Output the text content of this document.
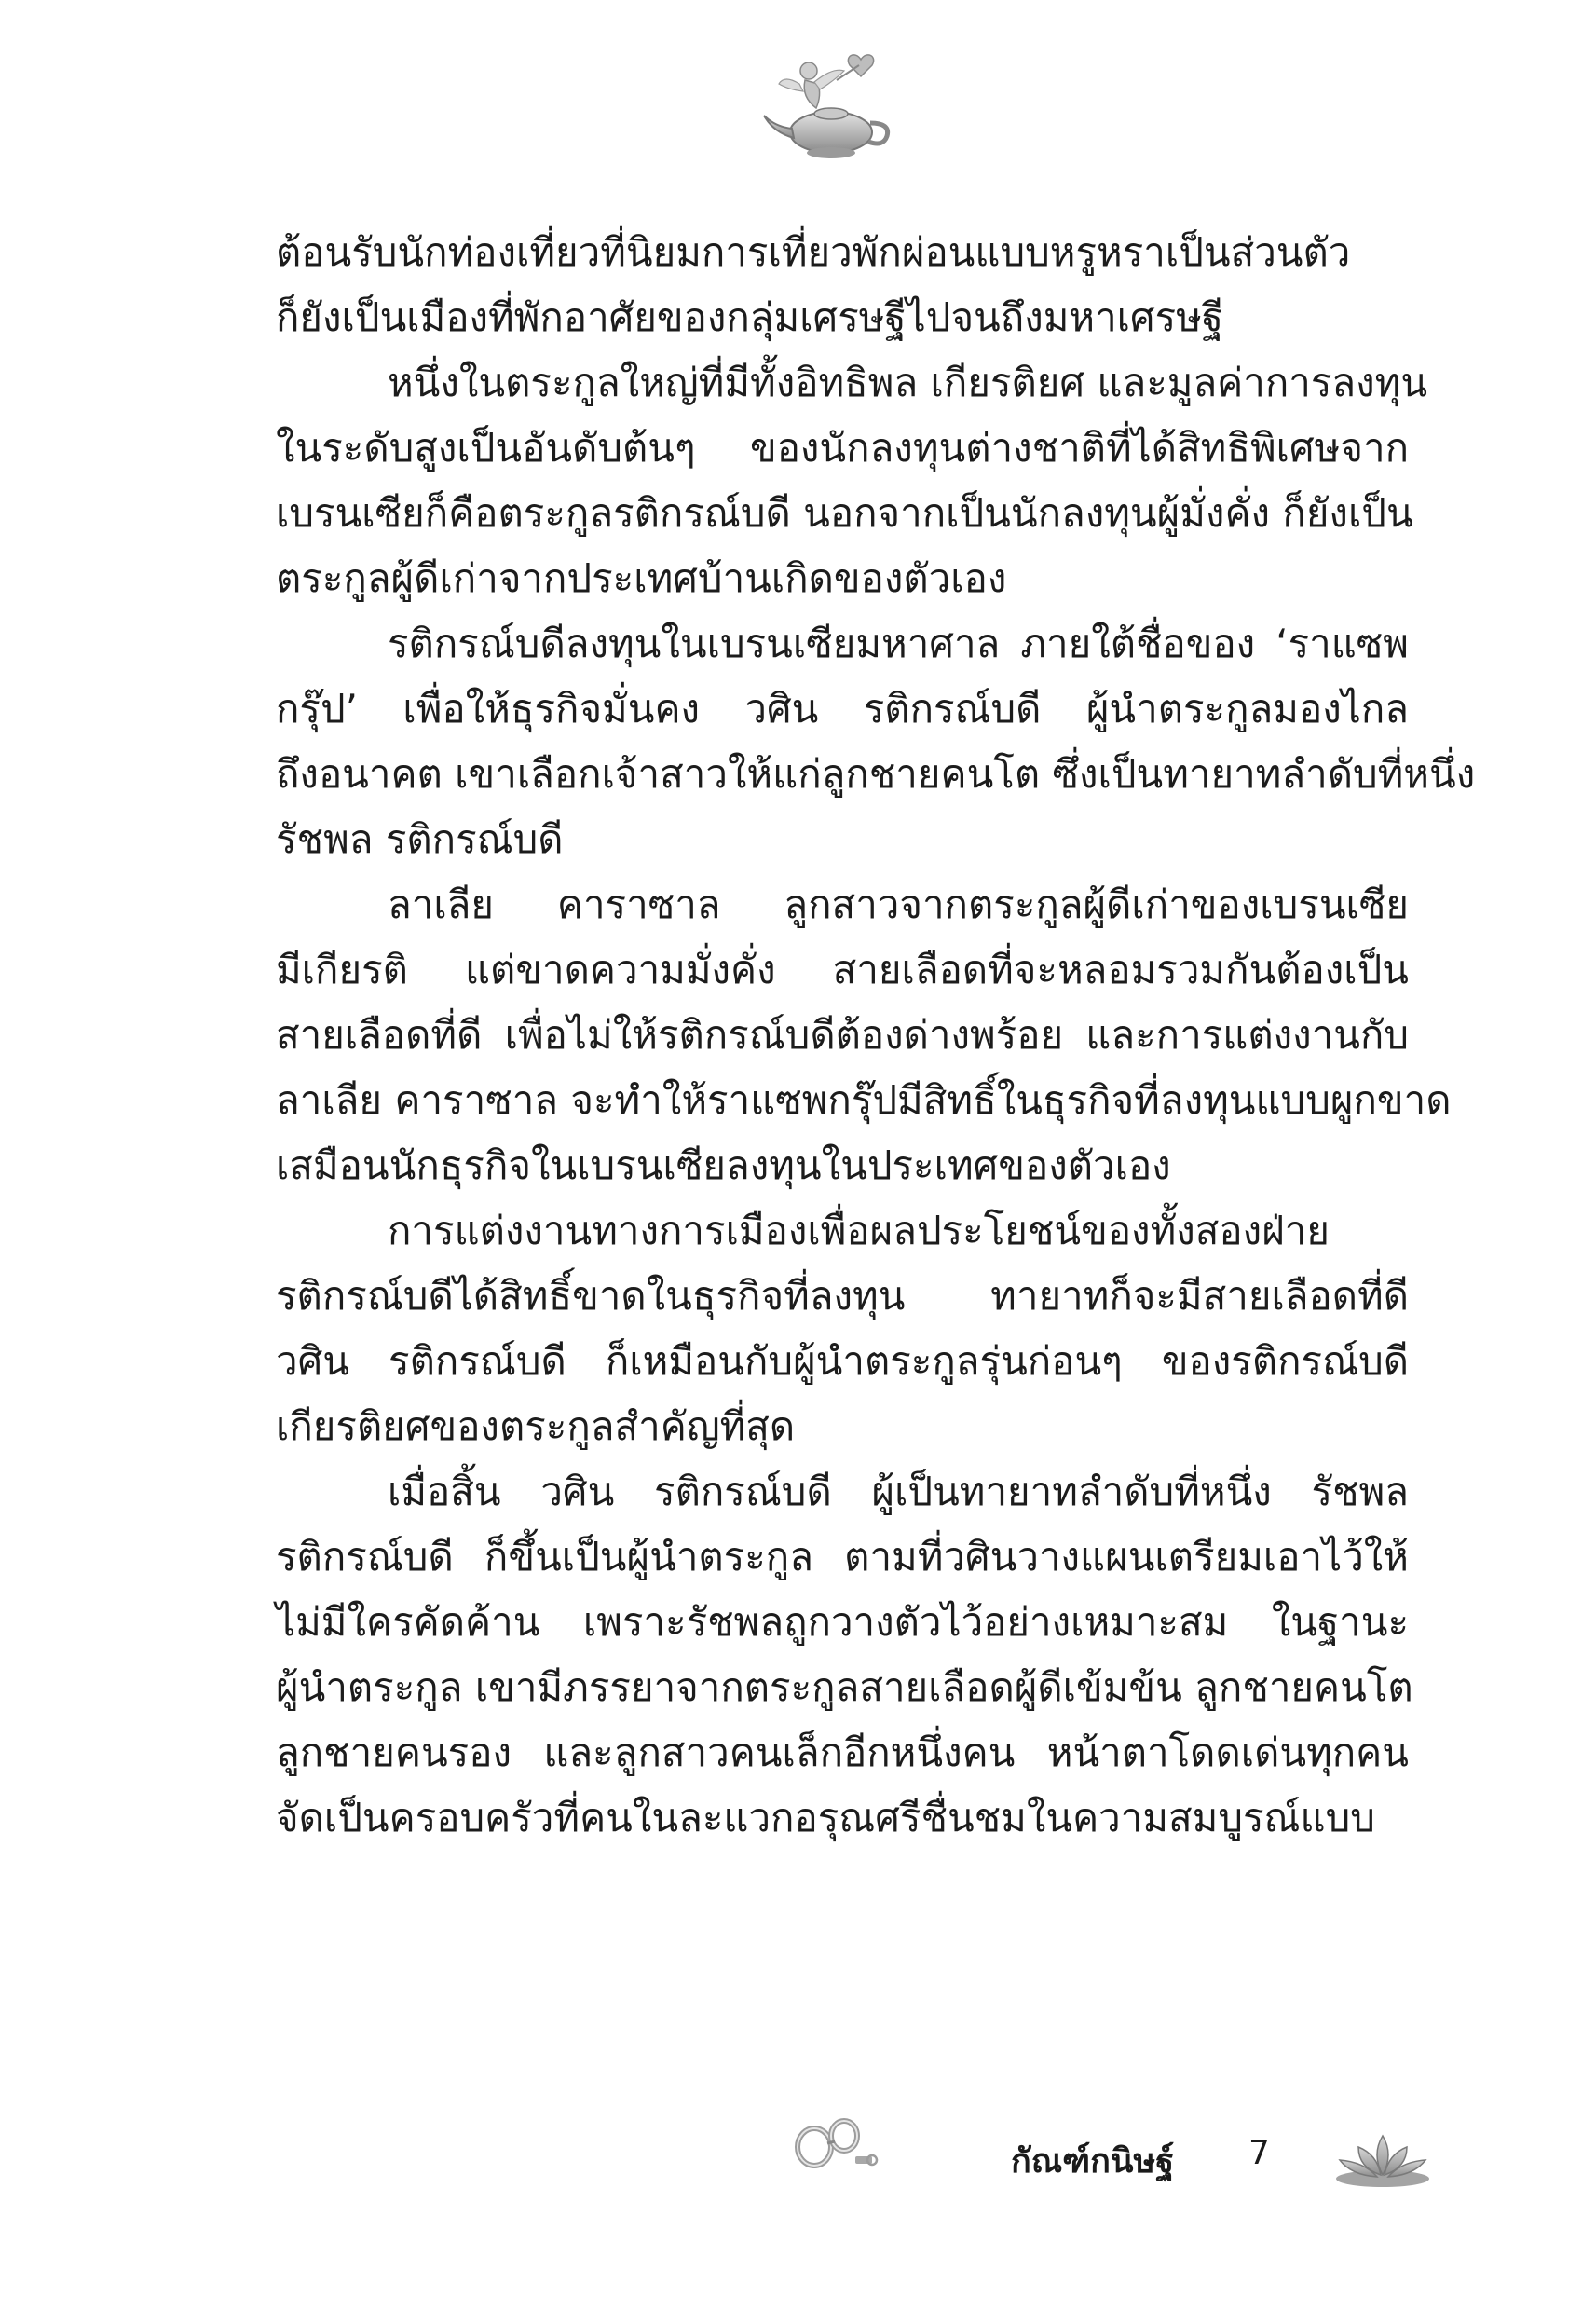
ต้อนรับนักท่องเที่ยวที่นิยมการเที่ยวพักผ่อนแบบหรูหราเป็นส่วนตัว
ก็ยังเป็นเมืองที่พักอาศัยของกลุ่มเศรษฐีไปจนถึงมหาเศรษฐี
หนึ่งในตระกูลใหญ่ที่มีทั้งอิทธิพล เกียรติยศ และมูลค่าการลงทุน
ในระดับสูงเป็นอันดับต้นๆ ของนักลงทุนต่างชาติที่ได้สิทธิพิเศษจาก
เบรนเซียก็คือตระกูลรติกรณ์บดี นอกจากเป็นนักลงทุนผู้มั่งคั่ง ก็ยังเป็น
ตระกูลผู้ดีเก่าจากประเทศบ้านเกิดของตัวเอง
รติกรณ์บดีลงทุนในเบรนเซียมหาศาล ภายใต้ชื่อของ ‘ราแซพ
กรุ๊ป’ เพื่อให้ธุรกิจมั่นคง วศิน รติกรณ์บดี ผู้นำตระกูลมองไกล
ถึงอนาคต เขาเลือกเจ้าสาวให้แก่ลูกชายคนโต ซึ่งเป็นทายาทลำดับที่หนึ่ง
รัชพล รติกรณ์บดี
ลาเลีย คาราซาล ลูกสาวจากตระกูลผู้ดีเก่าของเบรนเซีย
มีเกียรติ แต่ขาดความมั่งคั่ง สายเลือดที่จะหลอมรวมกันต้องเป็น
สายเลือดที่ดี เพื่อไม่ให้รติกรณ์บดีต้องด่างพร้อย และการแต่งงานกับ
ลาเลีย คาราซาล จะทำให้ราแซพกรุ๊ปมีสิทธิ์ในธุรกิจที่ลงทุนแบบผูกขาด
เสมือนนักธุรกิจในเบรนเซียลงทุนในประเทศของตัวเอง
การแต่งงานทางการเมืองเพื่อผลประโยชน์ของทั้งสองฝ่าย
รติกรณ์บดีได้สิทธิ์ขาดในธุรกิจที่ลงทุน ทายาทก็จะมีสายเลือดที่ดี
วศิน รติกรณ์บดี ก็เหมือนกับผู้นำตระกูลรุ่นก่อนๆ ของรติกรณ์บดี
เกียรติยศของตระกูลสำคัญที่สุด
เมื่อสิ้น วศิน รติกรณ์บดี ผู้เป็นทายาทลำดับที่หนึ่ง รัชพล
รติกรณ์บดี ก็ขึ้นเป็นผู้นำตระกูล ตามที่วศินวางแผนเตรียมเอาไว้ให้
ไม่มีใครคัดค้าน เพราะรัชพลถูกวางตัวไว้อย่างเหมาะสม ในฐานะ
ผู้นำตระกูล เขามีภรรยาจากตระกูลสายเลือดผู้ดีเข้มข้น ลูกชายคนโต
ลูกชายคนรอง และลูกสาวคนเล็กอีกหนึ่งคน หน้าตาโดดเด่นทุกคน
จัดเป็นครอบครัวที่คนในละแวกอรุณศรีชื่นชมในความสมบูรณ์แบบ
กัณฑ์กนิษฐ์ 7
